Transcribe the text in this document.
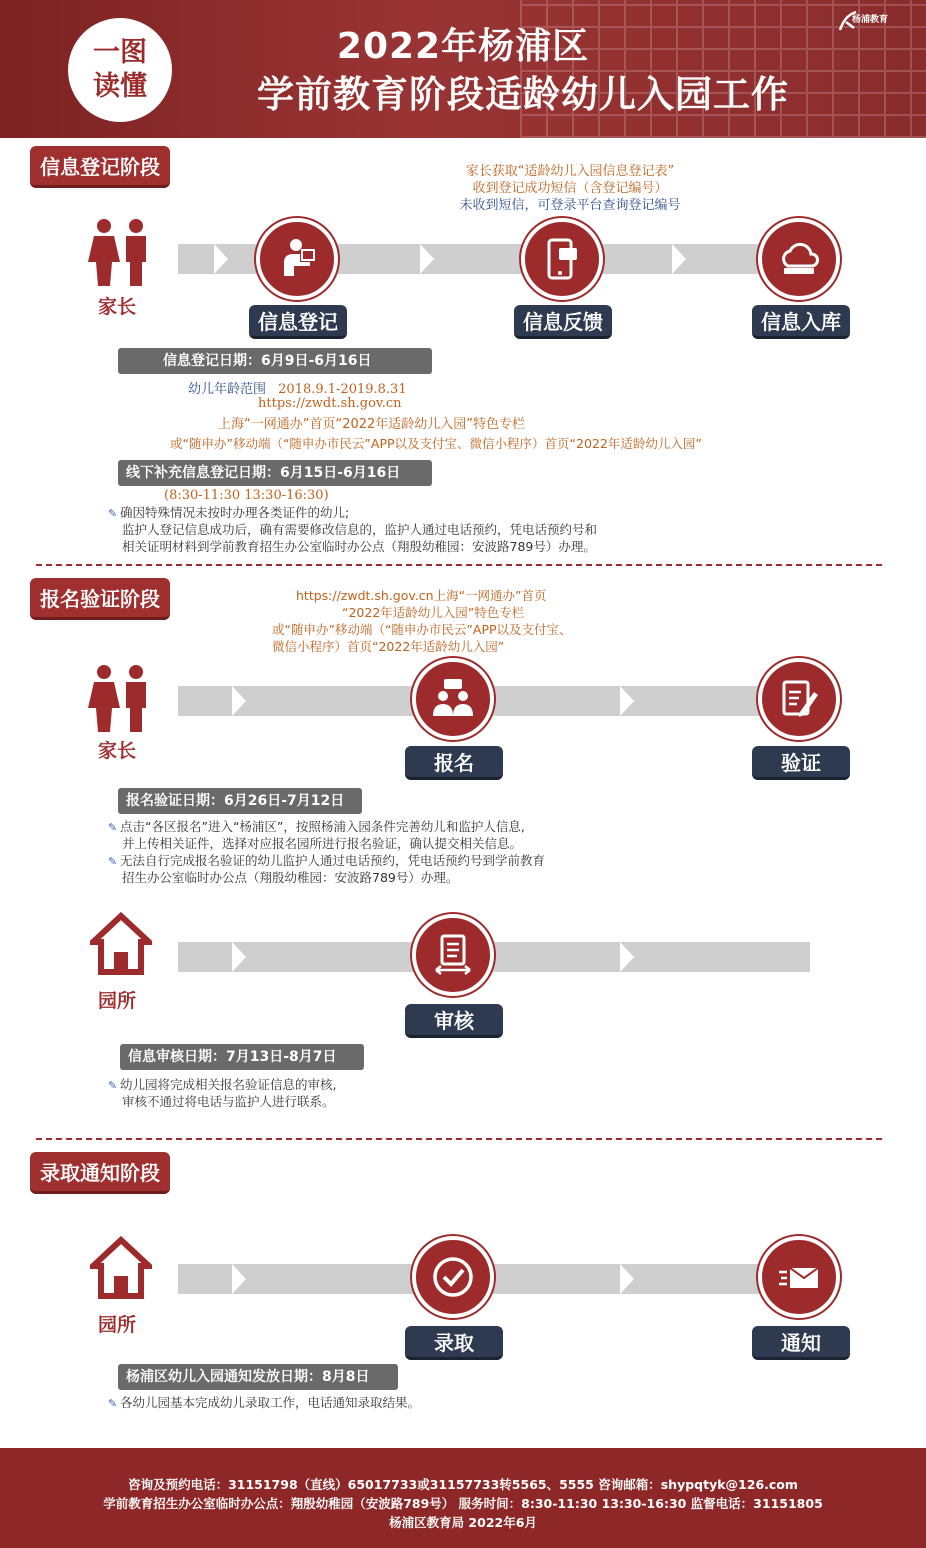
一图
读懂
2022年杨浦区
学前教育阶段适龄幼儿入园工作
杨浦教育
信息登记阶段	家长获取“适龄幼儿入园信息登记表”
收到登记成功短信（含登记编号）
未收到短信，可登录平台查询登记编号
家长
信息登记	信息反馈	信息入库
信息登记日期：6月9日-6月16日
幼儿年龄范围 2018.9.1-2019.8.31
https://zwdt.sh.gov.cn
上海“一网通办”首页“2022年适龄幼儿入园”特色专栏
或“随申办”移动端（“随申办市民云”APP以及支付宝、微信小程序）首页“2022年适龄幼儿入园”
线下补充信息登记日期：6月15日-6月16日
(8:30-11:30 13:30-16:30)
✎ 确因特殊情况未按时办理各类证件的幼儿;
监护人登记信息成功后，确有需要修改信息的，监护人通过电话预约，凭电话预约号和
相关证明材料到学前教育招生办公室临时办公点（翔殷幼稚园：安波路789号）办理。
报名验证阶段	https://zwdt.sh.gov.cn上海“一网通办”首页
“2022年适龄幼儿入园”特色专栏
或“随申办”移动端（“随申办市民云”APP以及支付宝、
微信小程序）首页“2022年适龄幼儿入园”
家长	报名	验证
报名验证日期：6月26日-7月12日
✎ 点击“各区报名”进入“杨浦区”，按照杨浦入园条件完善幼儿和监护人信息,
并上传相关证件，选择对应报名园所进行报名验证，确认提交相关信息。
✎ 无法自行完成报名验证的幼儿监护人通过电话预约，凭电话预约号到学前教育
招生办公室临时办公点（翔殷幼稚园：安波路789号）办理。
园所
审核
信息审核日期：7月13日-8月7日
✎ 幼儿园将完成相关报名验证信息的审核,
审核不通过将电话与监护人进行联系。
录取通知阶段
园所
录取	通知
杨浦区幼儿入园通知发放日期：8月8日
✎ 各幼儿园基本完成幼儿录取工作，电话通知录取结果。
咨询及预约电话：31151798（直线）65017733或31157733转5565、5555 咨询邮箱：shypqtyk@126.com
学前教育招生办公室临时办公点：翔殷幼稚园（安波路789号） 服务时间：8:30-11:30 13:30-16:30 监督电话：31151805
杨浦区教育局 2022年6月
